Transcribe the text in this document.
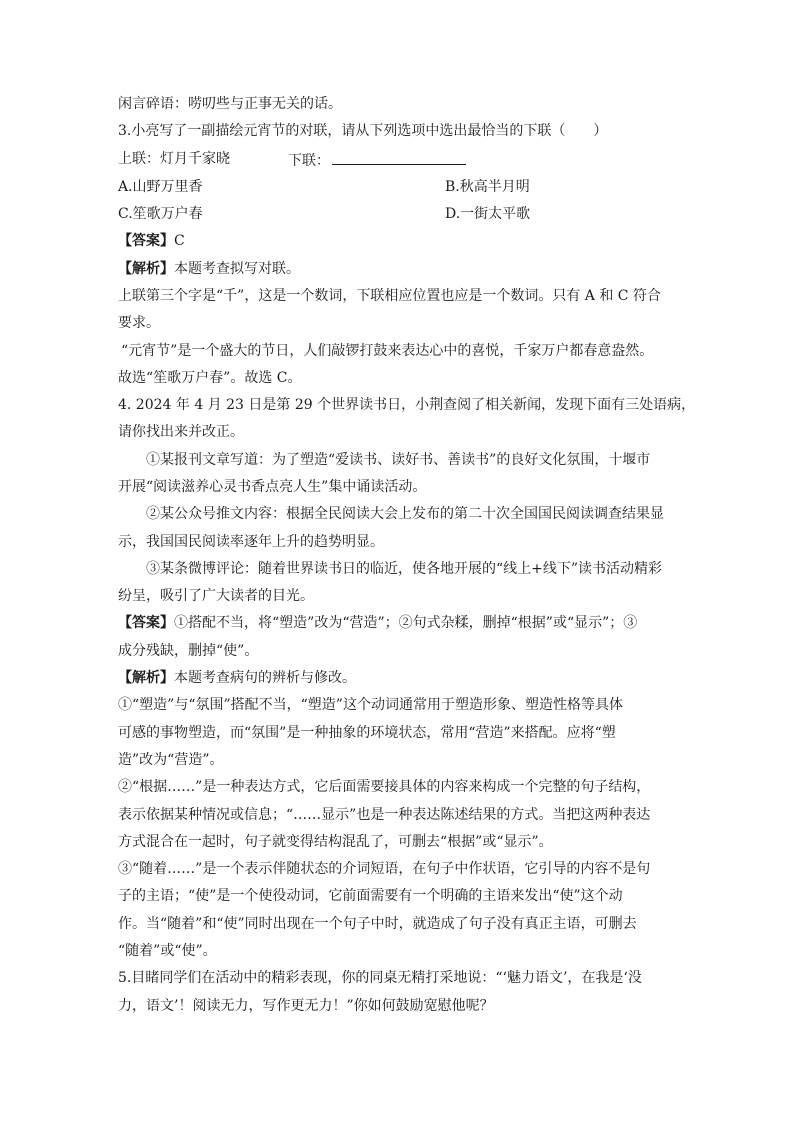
闲言碎语：唠叨些与正事无关的话。
3.小亮写了一副描绘元宵节的对联，请从下列选项中选出最恰当的下联（　　）
上联：灯月千家晓	下联：
A.山野万里香	B.秋高半月明
C.笙歌万户春	D.一街太平歌
【答案】C
【解析】本题考查拟写对联。
上联第三个字是“千”，这是一个数词，下联相应位置也应是一个数词。只有 A 和 C 符合
要求。
“元宵节”是一个盛大的节日，人们敲锣打鼓来表达心中的喜悦，千家万户都春意盎然。
故选“笙歌万户春”。故选 C。
4. 2024 年 4 月 23 日是第 29 个世界读书日，小荆查阅了相关新闻，发现下面有三处语病，
请你找出来并改正。
①某报刊文章写道：为了塑造“爱读书、读好书、善读书”的良好文化氛围，十堰市
开展“阅读滋养心灵书香点亮人生”集中诵读活动。
②某公众号推文内容：根据全民阅读大会上发布的第二十次全国国民阅读调查结果显
示，我国国民阅读率逐年上升的趋势明显。
③某条微博评论：随着世界读书日的临近，使各地开展的“线上+线下”读书活动精彩
纷呈，吸引了广大读者的目光。
【答案】①搭配不当，将“塑造”改为“营造”；②句式杂糅，删掉“根据”或“显示”；③
成分残缺，删掉“使”。
【解析】本题考查病句的辨析与修改。
①“塑造”与“氛围”搭配不当，“塑造”这个动词通常用于塑造形象、塑造性格等具体
可感的事物塑造，而“氛围”是一种抽象的环境状态，常用“营造”来搭配。应将“塑
造”改为“营造”。
②“根据……”是一种表达方式，它后面需要接具体的内容来构成一个完整的句子结构，
表示依据某种情况或信息；“……显示”也是一种表达陈述结果的方式。当把这两种表达
方式混合在一起时，句子就变得结构混乱了，可删去“根据”或“显示”。
③“随着……”是一个表示伴随状态的介词短语，在句子中作状语，它引导的内容不是句
子的主语；“使”是一个使役动词，它前面需要有一个明确的主语来发出“使”这个动
作。当“随着”和“使”同时出现在一个句子中时，就造成了句子没有真正主语，可删去
“随着”或“使”。
5.目睹同学们在活动中的精彩表现，你的同桌无精打采地说：“‘魅力语文’，在我是‘没
力，语文’！阅读无力，写作更无力！”你如何鼓励宽慰他呢？
